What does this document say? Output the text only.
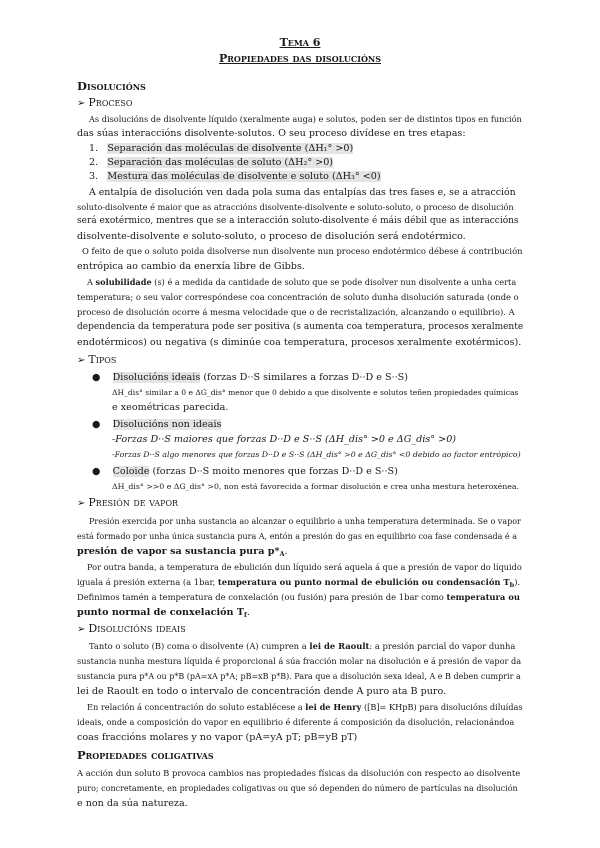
Tema 6
Propiedades das disolucións
Disolucións
➢ Proceso
As disolucións de disolvente líquido (xeralmente auga) e solutos, poden ser de distintos tipos en función
das súas interaccións disolvente-solutos. O seu proceso divídese en tres etapas:
1.   Separación das moléculas de disolvente (ΔH₁° >0)
2.   Separación das moléculas de soluto (ΔH₂° >0)
3.   Mestura das moléculas de disolvente e soluto (ΔH₃° <0)
A entalpía de disolución ven dada pola suma das entalpías das tres fases e, se a atracción
soluto-disolvente é maior que as atraccións disolvente-disolvente e soluto-soluto, o proceso de disolución
será exotérmico, mentres que se a interacción soluto-disolvente é máis débil que as interaccións
disolvente-disolvente e soluto-soluto, o proceso de disolución será endotérmico.
O feito de que o soluto poida disolverse nun disolvente nun proceso endotérmico débese á contribución
entrópica ao cambio da enerxía libre de Gibbs.
A solubilidade (s) é a medida da cantidade de soluto que se pode disolver nun disolvente a unha certa
temperatura; o seu valor correspóndese coa concentración de soluto dunha disolución saturada (onde o
proceso de disolución ocorre á mesma velocidade que o de recristalización, alcanzando o equilibrio). A
dependencia da temperatura pode ser positiva (s aumenta coa temperatura, procesos xeralmente
endotérmicos) ou negativa (s diminúe coa temperatura, procesos xeralmente exotérmicos).
➢ Tipos
● Disolucións ideais (forzas D··S similares a forzas D··D e S··S)
ΔH_dis° similar a 0 e ΔG_dis° menor que 0 debido a que disolvente e solutos teñen propiedades químicas
e xeométricas parecida.
● Disolucións non ideais
-Forzas D··S maiores que forzas D··D e S··S (ΔH_dis° >0 e ΔG_dis° >0)
-Forzas D··S algo menores que forzas D··D e S··S (ΔH_dis° >0 e ΔG_dis° <0 debido ao factor entrópico)
● Coloide (forzas D··S moito menores que forzas D··D e S··S)
ΔH_dis° >>0 e ΔG_dis° >0, non está favorecida a formar disolución e crea unha mestura heteroxénea.
➢ Presión de vapor
Presión exercida por unha sustancia ao alcanzar o equilibrio a unha temperatura determinada. Se o vapor
está formado por unha única sustancia pura A, entón a presión do gas en equilibrio coa fase condensada é a
presión de vapor sa sustancia pura $p*_A$.
Por outra banda, a temperatura de ebulición dun líquido será aquela á que a presión de vapor do líquido
iguala á presión externa (a 1bar, temperatura ou punto normal de ebulición ou condensación $T_b$).
Definimos tamén a temperatura de conxelación (ou fusión) para presión de 1bar como temperatura ou
punto normal de conxelación $T_f$.
➢ Disolucións ideais
Tanto o soluto (B) coma o disolvente (A) cumpren a lei de Raoult: a presión parcial do vapor dunha
sustancia nunha mestura líquida é proporcional á súa fracción molar na disolución e á presión de vapor da
sustancia pura p*A ou p*B (pA=xA p*A; pB=xB p*B). Para que a disolución sexa ideal, A e B deben cumprir a
lei de Raoult en todo o intervalo de concentración dende A puro ata B puro.
En relación á concentración do soluto establécese a lei de Henry ([B]= KHpB) para disolucións diluídas
ideais, onde a composición do vapor en equilibrio é diferente á composición da disolución, relacionándoa
coas fraccións molares y no vapor (pA=yA pT; pB=yB pT)
Propiedades coligativas
A acción dun soluto B provoca cambios nas propiedades físicas da disolución con respecto ao disolvente
puro; concretamente, en propiedades coligativas ou que só dependen do número de partículas na disolución
e non da súa natureza.
